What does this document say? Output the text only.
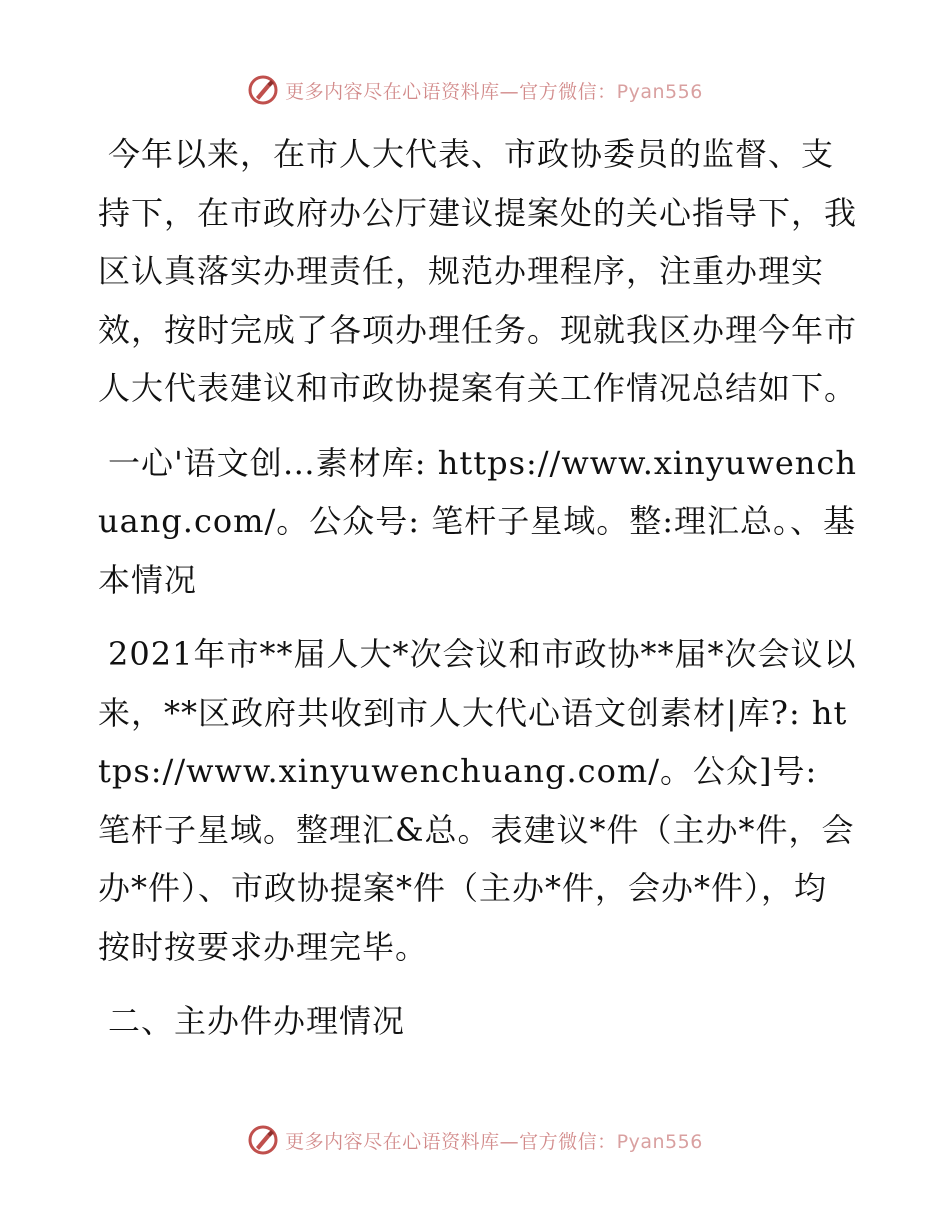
更多内容尽在心语资料库—官方微信：Pyan556

今年以来，在市人大代表、市政协委员的监督、支持下，在市政府办公厅建议提案处的关心指导下，我区认真落实办理责任，规范办理程序，注重办理实效，按时完成了各项办理任务。现就我区办理今年市人大代表建议和市政协提案有关工作情况总结如下。

一心'语文创…素材库: https://www.xinyuwenchuang.com/。公众号: 笔杆子星域。整:理汇总。、基本情况

2021年市**届人大*次会议和市政协**届*次会议以来，**区政府共收到市人大代心语文创素材|库?: https://www.xinyuwenchuang.com/。公众]号: 笔杆子星域。整理汇&总。表建议*件（主办*件，会办*件）、市政协提案*件（主办*件，会办*件），均按时按要求办理完毕。

二、主办件办理情况

更多内容尽在心语资料库—官方微信：Pyan556
